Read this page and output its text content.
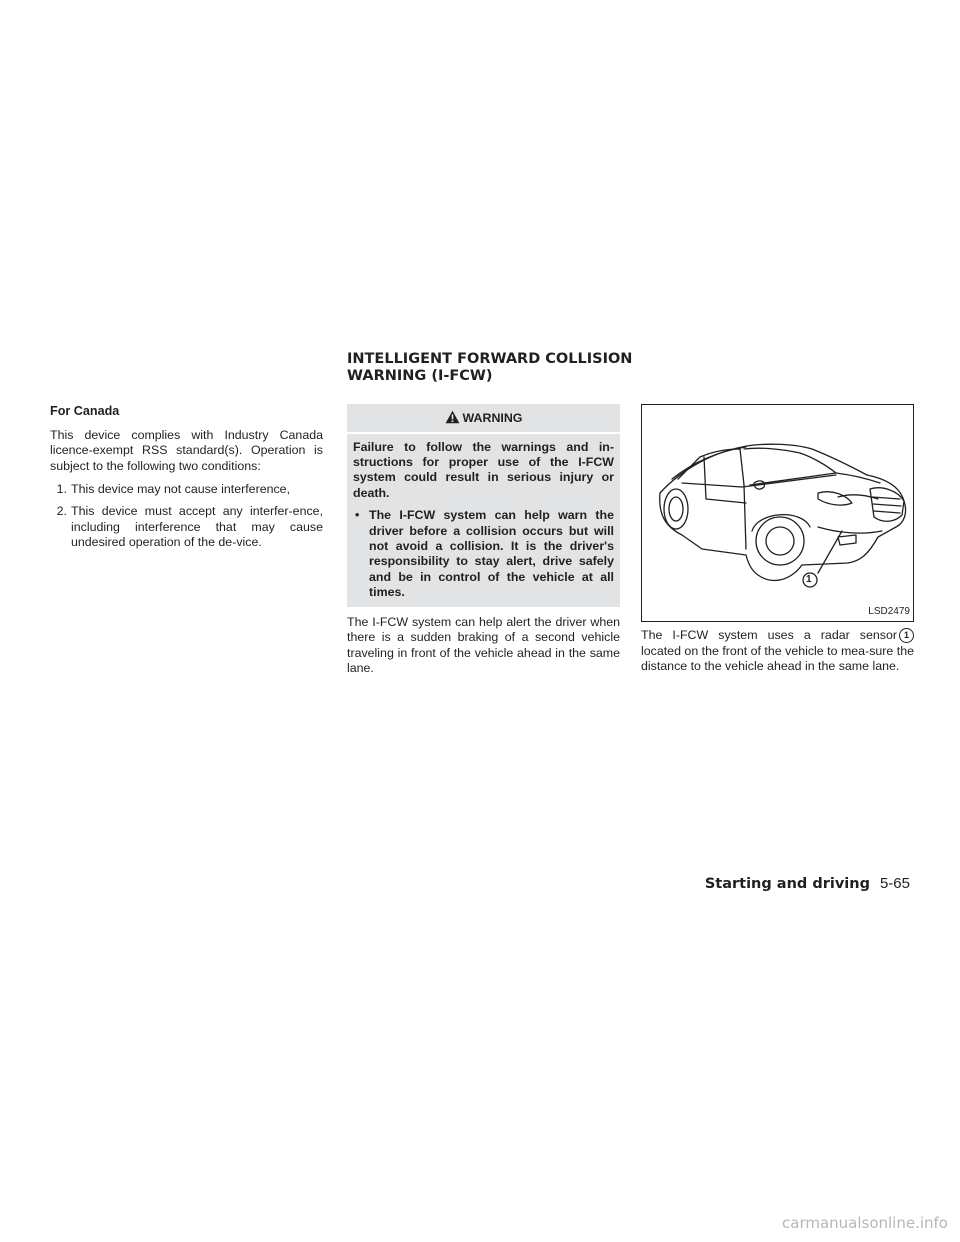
INTELLIGENT FORWARD COLLISION
WARNING (I-FCW)
For Canada

This device complies with Industry Canada licence-exempt RSS standard(s). Operation is subject to the following two conditions:

1. This device may not cause interference,
2. This device must accept any interfer-ence, including interference that may cause undesired operation of the de-vice.
WARNING

Failure to follow the warnings and in-structions for proper use of the I-FCW system could result in serious injury or death.

• The I-FCW system can help warn the driver before a collision occurs but will not avoid a collision. It is the driver's responsibility to stay alert, drive safely and be in control of the vehicle at all times.

The I-FCW system can help alert the driver when there is a sudden braking of a second vehicle traveling in front of the vehicle ahead in the same lane.

1
LSD2479

The I-FCW system uses a radar sensor 1 located on the front of the vehicle to mea-sure the distance to the vehicle ahead in the same lane.

Starting and driving 5-65
carmanualsonline.info
